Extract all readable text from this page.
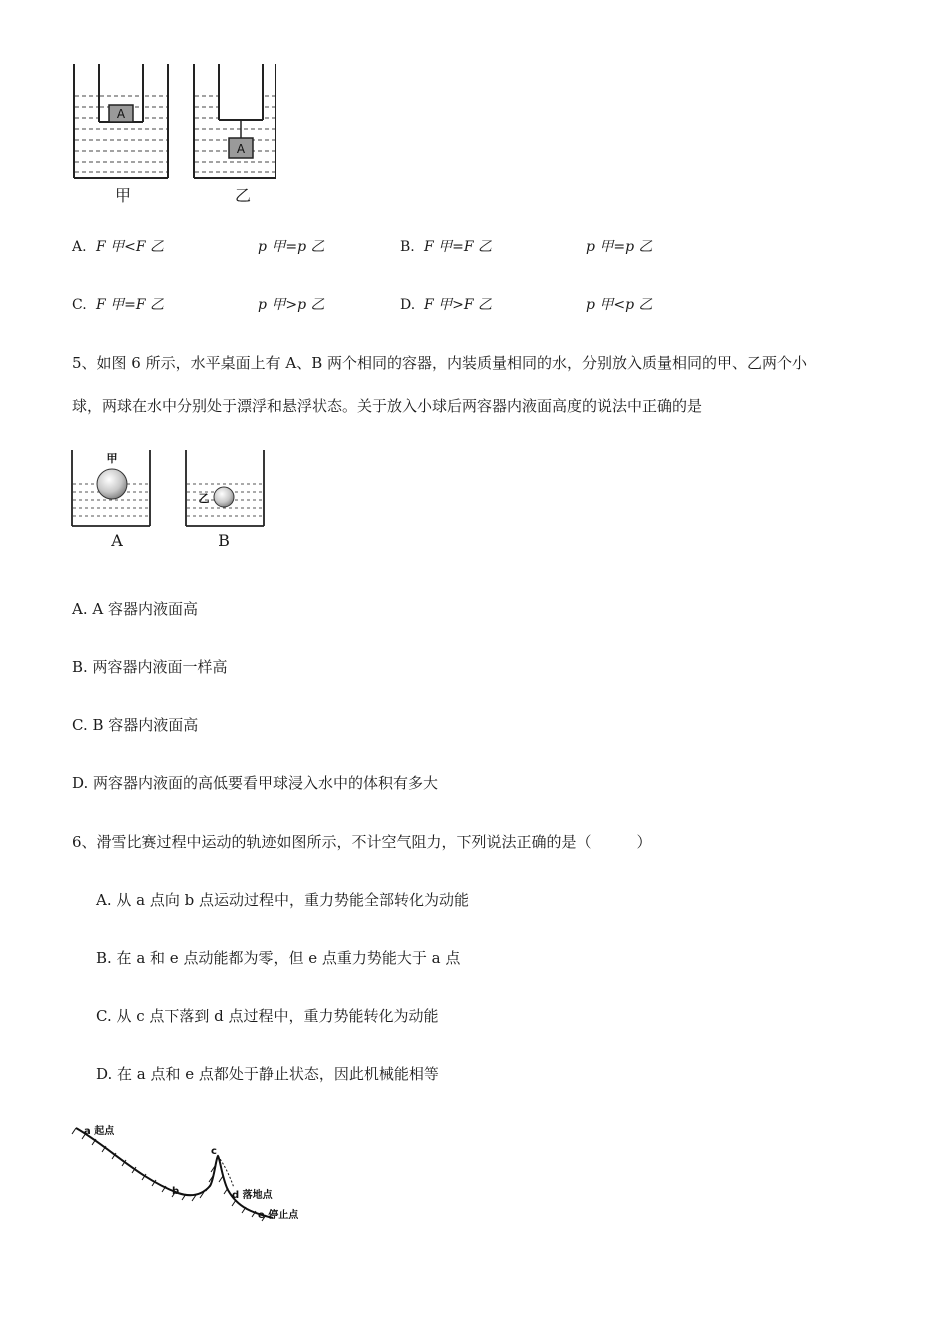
A
A
甲	乙
A. F 甲<F 乙	p 甲=p 乙	B. F 甲=F 乙	p 甲=p 乙
C. F 甲=F 乙	p 甲>p 乙	D. F 甲>F 乙	p 甲<p 乙
5、如图 6 所示，水平桌面上有 A、B 两个相同的容器，内装质量相同的水，分别放入质量相同的甲、乙两个小
球，两球在水中分别处于漂浮和悬浮状态。关于放入小球后两容器内液面高度的说法中正确的是
甲
乙
A	B
A. A 容器内液面高
B. 两容器内液面一样高
C. B 容器内液面高
D. 两容器内液面的高低要看甲球浸入水中的体积有多大
6、滑雪比赛过程中运动的轨迹如图所示，不计空气阻力，下列说法正确的是（　　　）
A. 从 a 点向 b 点运动过程中，重力势能全部转化为动能
B. 在 a 和 e 点动能都为零，但 e 点重力势能大于 a 点
C. 从 c 点下落到 d 点过程中，重力势能转化为动能
D. 在 a 点和 e 点都处于静止状态，因此机械能相等
a 起点
b
c
d 落地点
e 停止点
